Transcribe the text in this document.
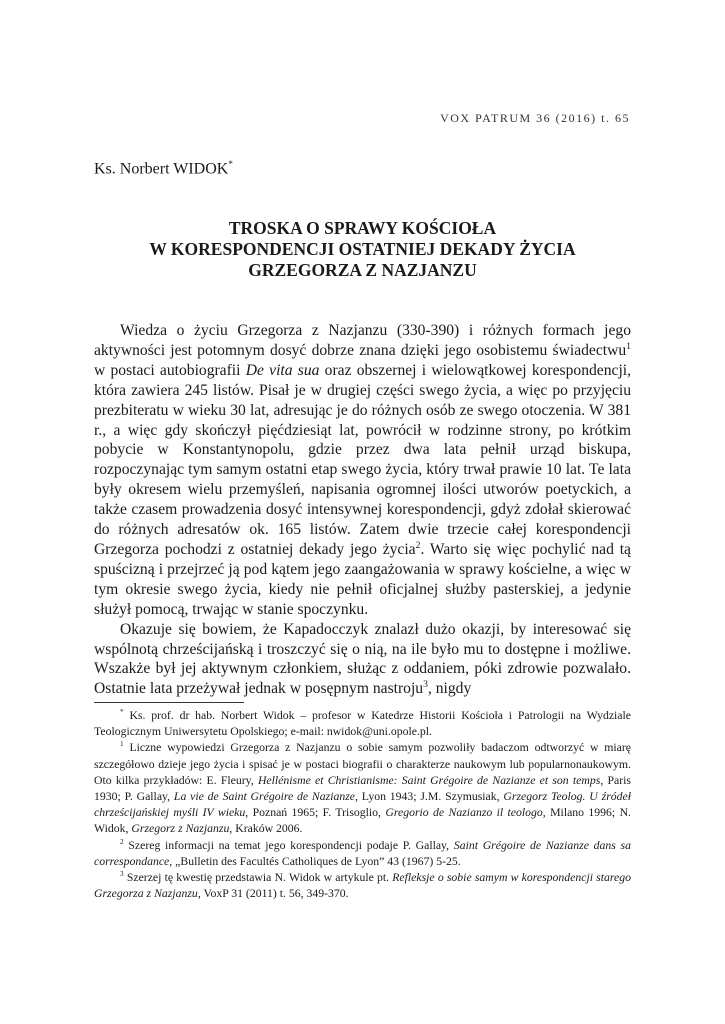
VOX PATRUM 36 (2016) t. 65
Ks. Norbert WIDOK*
TROSKA O SPRAWY KOŚCIOŁA
W KORESPONDENCJI OSTATNIEJ DEKADY ŻYCIA
GRZEGORZA Z NAZJANZU

Wiedza o życiu Grzegorza z Nazjanzu (330-390) i różnych formach jego aktywności jest potomnym dosyć dobrze znana dzięki jego osobistemu świadectwu$^1$ w postaci autobiografii De vita sua oraz obszernej i wielowątkowej korespondencji, która zawiera 245 listów. Pisał je w drugiej części swego życia, a więc po przyjęciu prezbiteratu w wieku 30 lat, adresując je do różnych osób ze swego otoczenia. W 381 r., a więc gdy skończył pięćdziesiąt lat, powrócił w rodzinne strony, po krótkim pobycie w Konstantynopolu, gdzie przez dwa lata pełnił urząd biskupa, rozpoczynając tym samym ostatni etap swego życia, który trwał prawie 10 lat. Te lata były okresem wielu przemyśleń, napisania ogromnej ilości utworów poetyckich, a także czasem prowadzenia dosyć intensywnej korespondencji, gdyż zdołał skierować do różnych adresatów ok. 165 listów. Zatem dwie trzecie całej korespondencji Grzegorza pochodzi z ostatniej dekady jego życia$^2$. Warto się więc pochylić nad tą spuścizną i przejrzeć ją pod kątem jego zaangażowania w sprawy kościelne, a więc w tym okresie swego życia, kiedy nie pełnił oficjalnej służby pasterskiej, a jedynie służył pomocą, trwając w stanie spoczynku.

Okazuje się bowiem, że Kapadocczyk znalazł dużo okazji, by interesować się wspólnotą chrześcijańską i troszczyć się o nią, na ile było mu to dostępne i możliwe. Wszakże był jej aktywnym członkiem, służąc z oddaniem, póki zdrowie pozwalało. Ostatnie lata przeżywał jednak w posępnym nastroju$^3$, nigdy

* Ks. prof. dr hab. Norbert Widok – profesor w Katedrze Historii Kościoła i Patrologii na Wydziale Teologicznym Uniwersytetu Opolskiego; e-mail: nwidok@uni.opole.pl.

$^1$ Liczne wypowiedzi Grzegorza z Nazjanzu o sobie samym pozwoliły badaczom odtworzyć w miarę szczegółowo dzieje jego życia i spisać je w postaci biografii o charakterze naukowym lub popularnonaukowym. Oto kilka przykładów: E. Fleury, Hellénisme et Christianisme: Saint Grégoire de Nazianze et son temps, Paris 1930; P. Gallay, La vie de Saint Grégoire de Nazianze, Lyon 1943; J.M. Szymusiak, Grzegorz Teolog. U źródeł chrześcijańskiej myśli IV wieku, Poznań 1965; F. Trisoglio, Gregorio de Nazianzo il teologo, Milano 1996; N. Widok, Grzegorz z Nazjanzu, Kraków 2006.

$^2$ Szereg informacji na temat jego korespondencji podaje P. Gallay, Saint Grégoire de Nazianze dans sa correspondance, „Bulletin des Facultés Catholiques de Lyon” 43 (1967) 5-25.

$^3$ Szerzej tę kwestię przedstawia N. Widok w artykule pt. Refleksje o sobie samym w korespondencji starego Grzegorza z Nazjanzu, VoxP 31 (2011) t. 56, 349-370.
